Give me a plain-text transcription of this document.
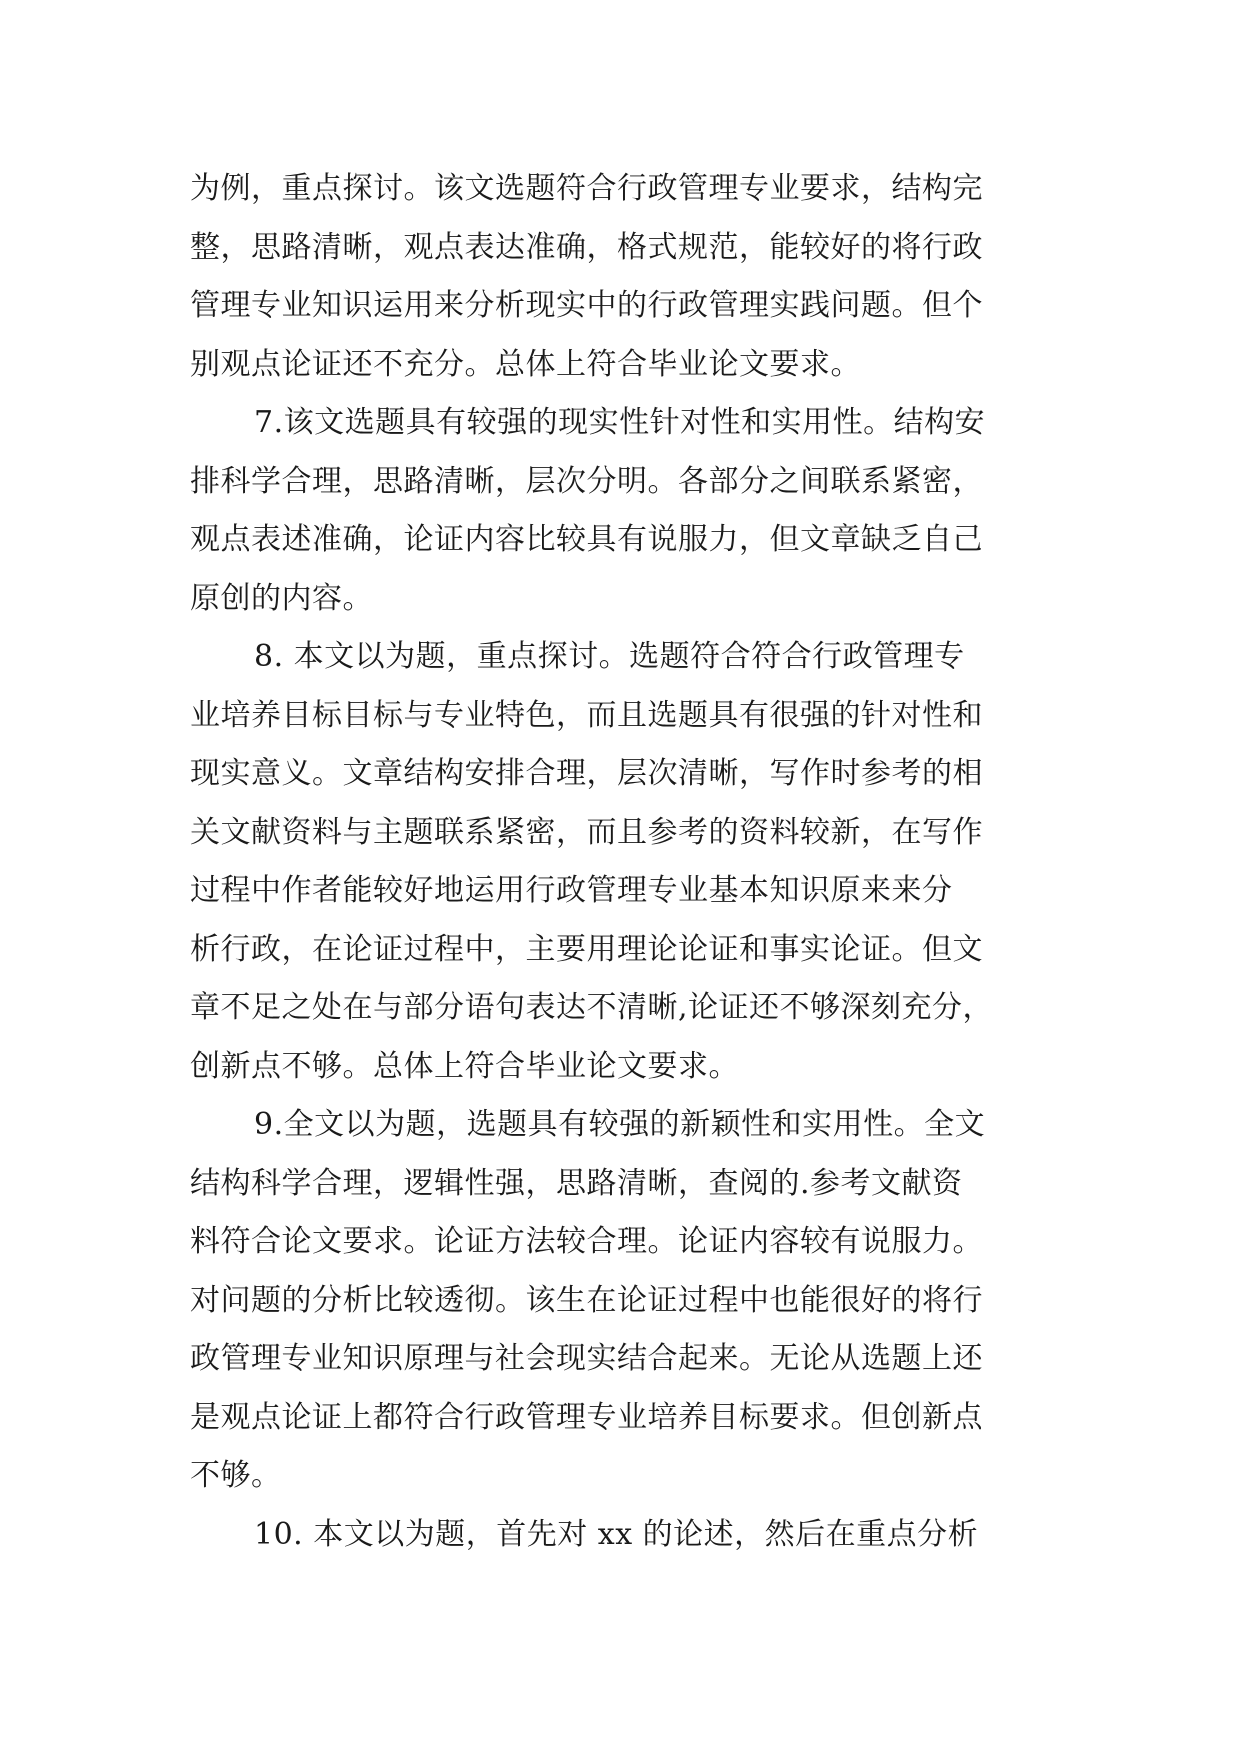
为例，重点探讨。该文选题符合行政管理专业要求，结构完
整，思路清晰，观点表达准确，格式规范，能较好的将行政
管理专业知识运用来分析现实中的行政管理实践问题。但个
别观点论证还不充分。总体上符合毕业论文要求。
7.该文选题具有较强的现实性针对性和实用性。结构安
排科学合理，思路清晰，层次分明。各部分之间联系紧密，
观点表述准确，论证内容比较具有说服力，但文章缺乏自己
原创的内容。
8. 本文以为题，重点探讨。选题符合符合行政管理专
业培养目标目标与专业特色，而且选题具有很强的针对性和
现实意义。文章结构安排合理，层次清晰，写作时参考的相
关文献资料与主题联系紧密，而且参考的资料较新，在写作
过程中作者能较好地运用行政管理专业基本知识原来来分
析行政，在论证过程中，主要用理论论证和事实论证。但文
章不足之处在与部分语句表达不清晰,论证还不够深刻充分，
创新点不够。总体上符合毕业论文要求。
9.全文以为题，选题具有较强的新颖性和实用性。全文
结构科学合理，逻辑性强，思路清晰，查阅的.参考文献资
料符合论文要求。论证方法较合理。论证内容较有说服力。
对问题的分析比较透彻。该生在论证过程中也能很好的将行
政管理专业知识原理与社会现实结合起来。无论从选题上还
是观点论证上都符合行政管理专业培养目标要求。但创新点
不够。
10. 本文以为题，首先对 xx 的论述，然后在重点分析
